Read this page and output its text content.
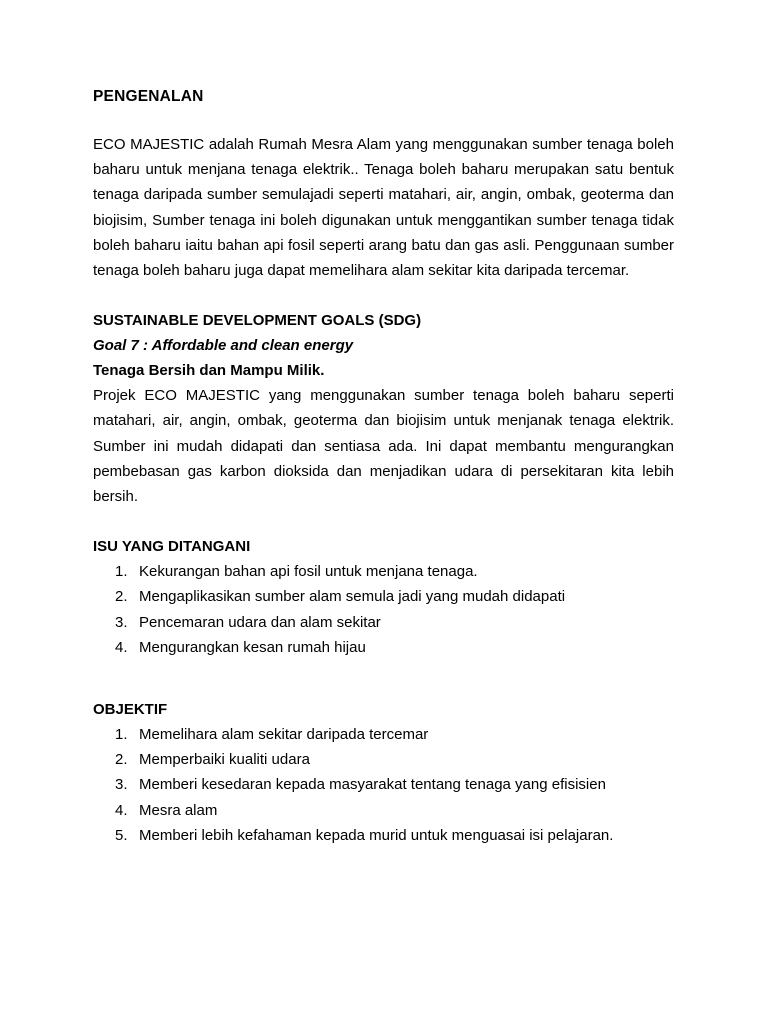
PENGENALAN

ECO MAJESTIC adalah Rumah Mesra Alam yang menggunakan sumber tenaga boleh baharu untuk menjana tenaga elektrik.. Tenaga boleh baharu merupakan satu bentuk tenaga daripada sumber semulajadi seperti matahari, air, angin, ombak, geoterma dan biojisim, Sumber tenaga ini boleh digunakan untuk menggantikan sumber tenaga tidak boleh baharu iaitu bahan api fosil seperti arang batu dan gas asli. Penggunaan sumber tenaga boleh baharu juga dapat memelihara alam sekitar kita daripada tercemar.

SUSTAINABLE DEVELOPMENT GOALS (SDG)
Goal 7 : Affordable and clean energy
Tenaga Bersih dan Mampu Milik.

Projek ECO MAJESTIC yang menggunakan sumber tenaga boleh baharu seperti matahari, air, angin, ombak, geoterma dan biojisim untuk menjanak tenaga elektrik. Sumber ini mudah didapati dan sentiasa ada. Ini dapat membantu mengurangkan pembebasan gas karbon dioksida dan menjadikan udara di persekitaran kita lebih bersih.

ISU YANG DITANGANI
1. Kekurangan bahan api fosil untuk menjana tenaga.
2. Mengaplikasikan sumber alam semula jadi yang mudah didapati
3. Pencemaran udara dan alam sekitar
4. Mengurangkan kesan rumah hijau
OBJEKTIF
1. Memelihara alam sekitar daripada tercemar
2. Memperbaiki kualiti udara
3. Memberi kesedaran kepada masyarakat tentang tenaga yang efisisien
4. Mesra alam
5. Memberi lebih kefahaman kepada murid untuk menguasai isi pelajaran.
